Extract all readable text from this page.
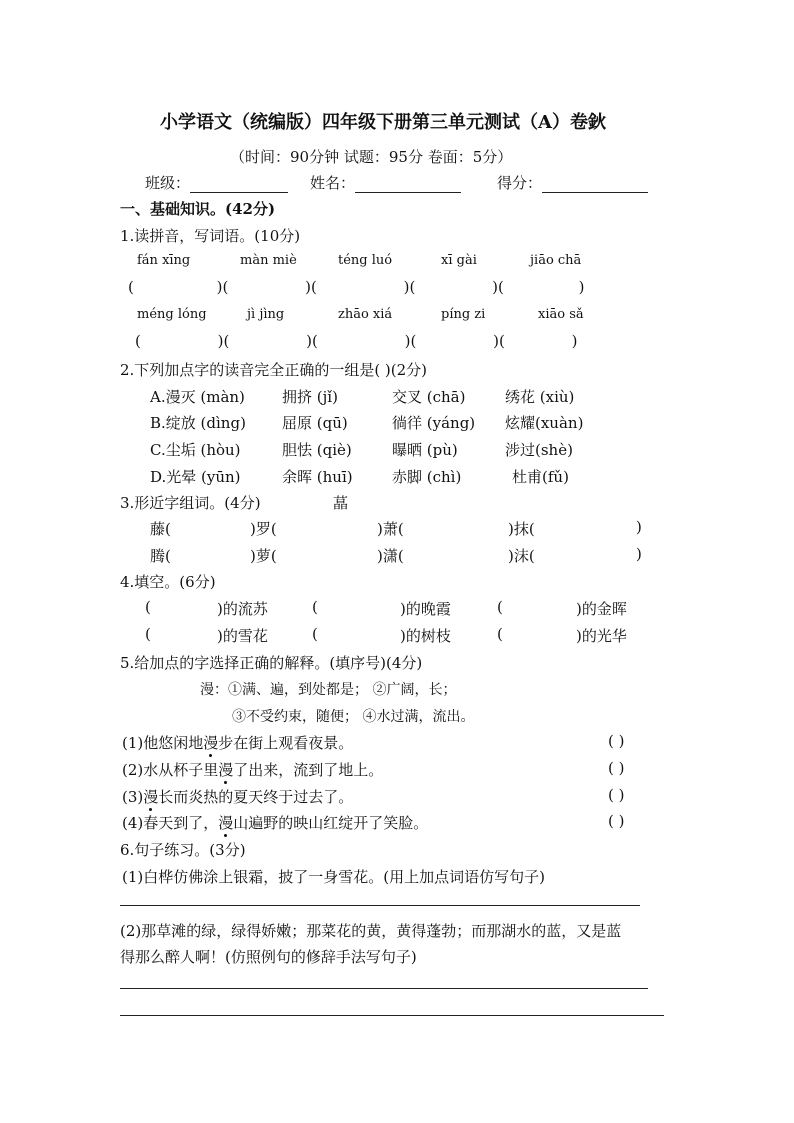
小学语文（统编版）四年级下册第三单元测试（A）卷鈥
（时间：90分钟 试题：95分 卷面：5分）
班级：	姓名：	得分：
一、基础知识。(42分)
1.读拼音，写词语。(10分)
fán xīng	màn miè	téng luó	xī gài	jiāo chā
(	)(	)(	)(	)(	)
méng lóng	jì jìng	zhāo xiá	píng zi	xiāo sǎ
(	)(	)(	)(	)(	)
2.下列加点字的读音完全正确的一组是( )(2分)
A.漫灭 (màn) 拥挤 (jǐ)	交叉 (chā)	绣花 (xiù)
B.绽放 (dìng) 屈原 (qū)	徜徉 (yáng) 炫耀(xuàn)
C.尘垢 (hòu)	胆怯 (qiè)	曝晒 (pù)	涉过(shè)
D.光晕 (yūn)	余晖 (huī)	赤脚 (chì)	杜甫(fǔ)
3.形近字组词。(4分)	蕌
藤(	)罗(	)萧(	)抹(	)
腾(	)萝(	)潇(	)沫(	)
4.填空。(6分)
(	)的流苏	(	)的晚霞	(	)的金晖
(	)的雪花	(	)的树枝	(	)的光华
5.给加点的字选择正确的解释。(填序号)(4分)
漫：①满、遍，到处都是； ②广阔，长；
③不受约束，随便； ④水过满，流出。
(1)他悠闲地漫步在街上观看夜景。	( )
(2)水从杯子里漫了出来，流到了地上。	( )
(3)漫长而炎热的夏天终于过去了。	( )
(4)春天到了，漫山遍野的映山红绽开了笑脸。	( )
6.句子练习。(3分)
(1)白桦仿佛涂上银霜，披了一身雪花。(用上加点词语仿写句子)
(2)那草滩的绿，绿得娇嫩；那菜花的黄，黄得蓬勃；而那湖水的蓝，又是蓝
得那么醉人啊！(仿照例句的修辞手法写句子)
